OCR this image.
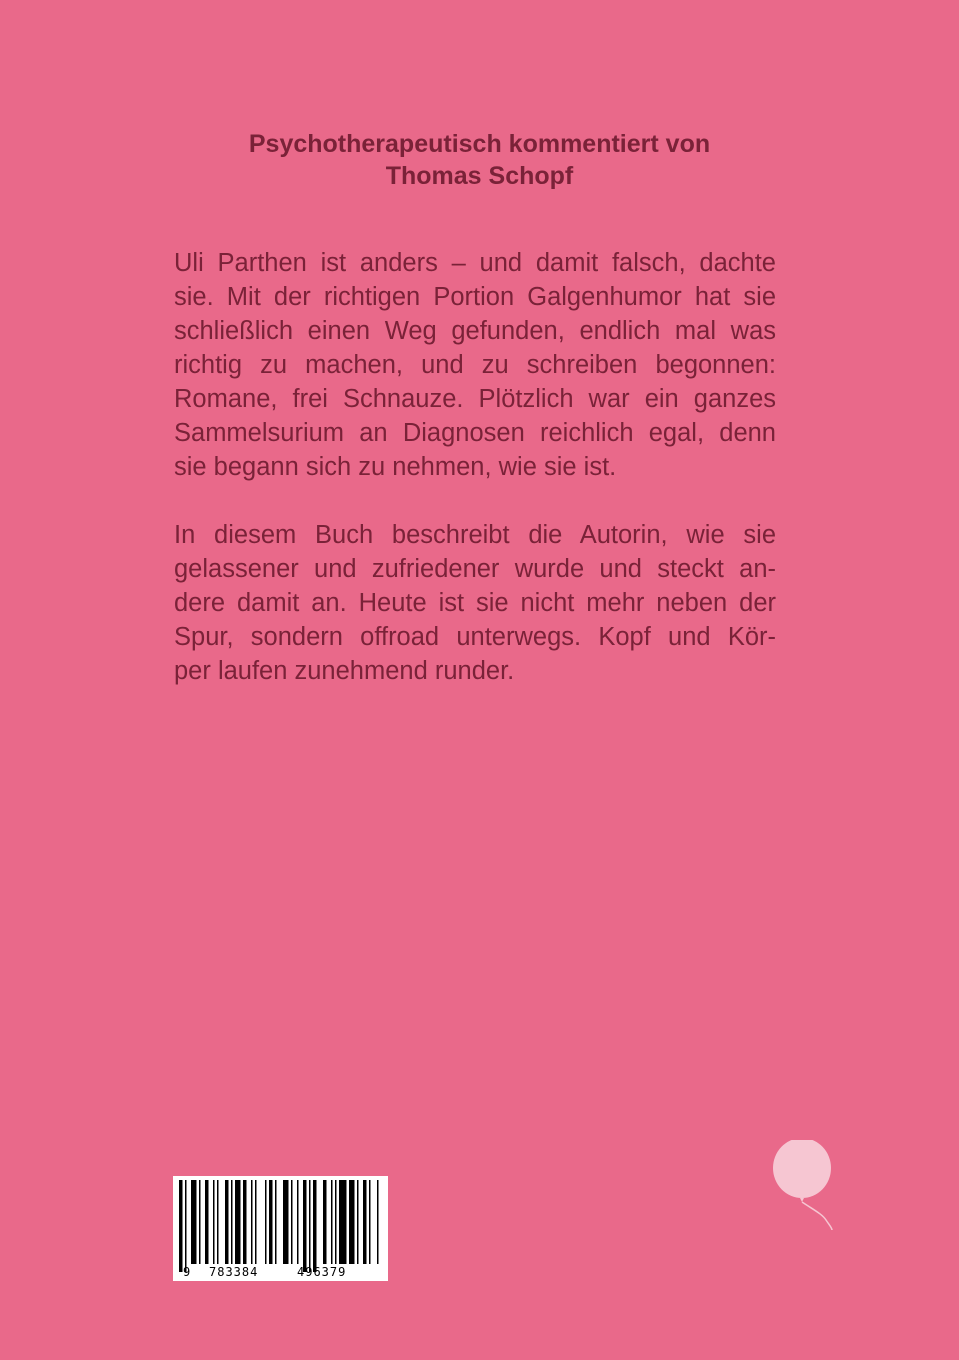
Psychotherapeutisch kommentiert von
Thomas Schopf
Uli Parthen ist anders – und damit falsch, dachte
sie. Mit der richtigen Portion Galgenhumor hat sie
schließlich einen Weg gefunden, endlich mal was
richtig zu machen, und zu schreiben begonnen:
Romane, frei Schnauze. Plötzlich war ein ganzes
Sammelsurium an Diagnosen reichlich egal, denn
sie begann sich zu nehmen, wie sie ist.
In diesem Buch beschreibt die Autorin, wie sie
gelassener und zufriedener wurde und steckt an-
dere damit an. Heute ist sie nicht mehr neben der
Spur, sondern offroad unterwegs. Kopf und Kör-
per laufen zunehmend runder.
9 783384	496379
